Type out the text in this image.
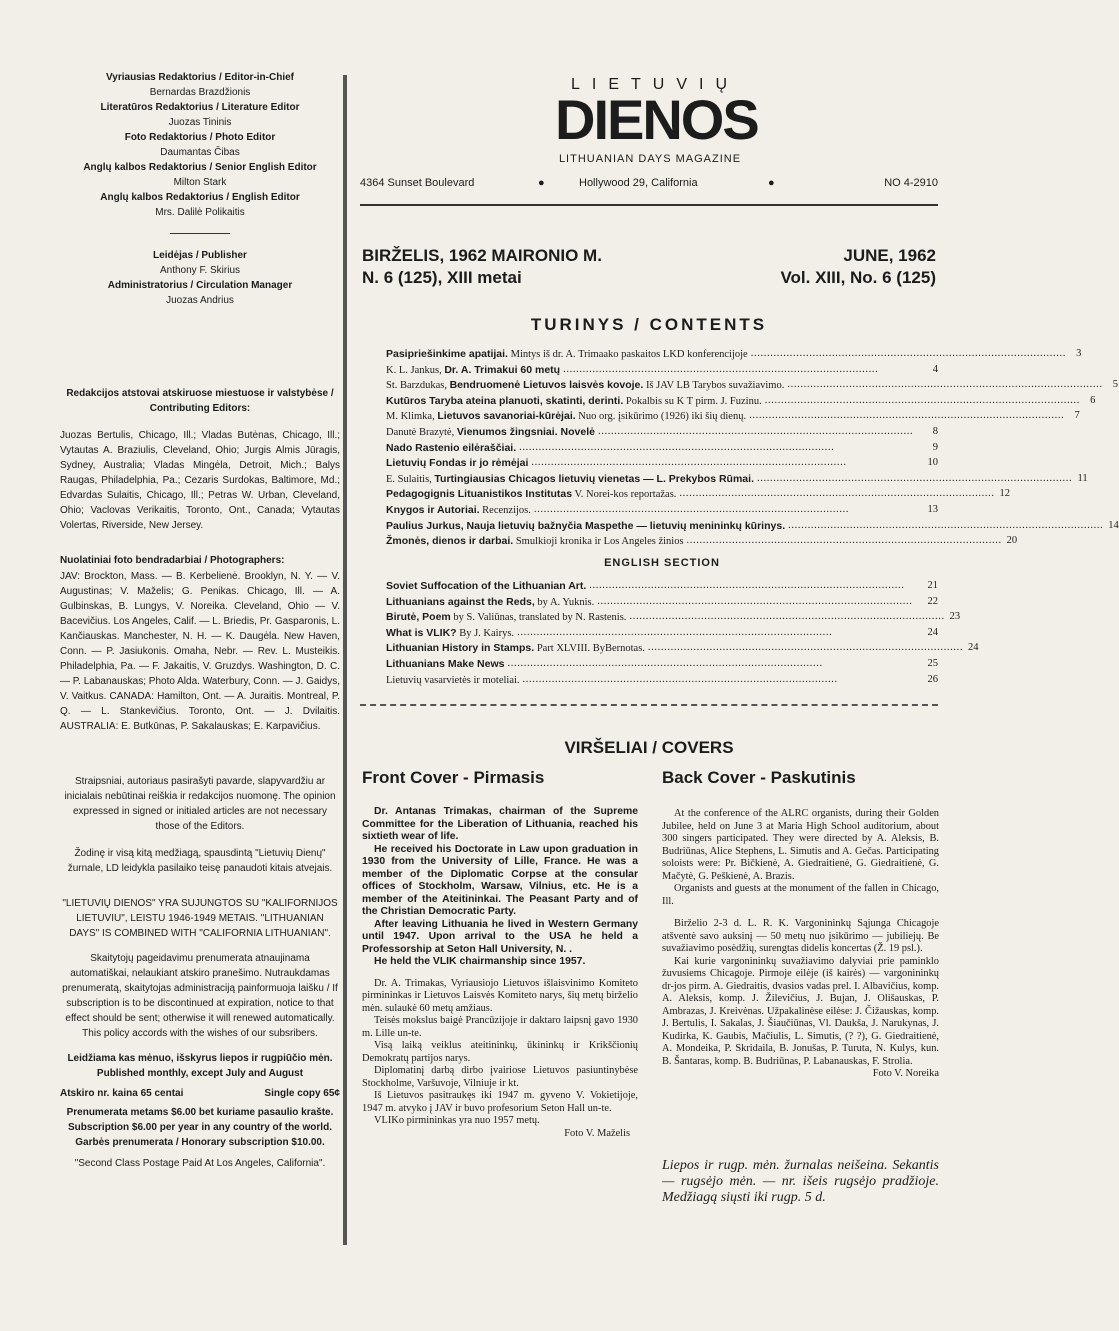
Vyriausias Redaktorius / Editor-in-Chief

Bernardas Brazdžionis

Literatūros Redaktorius / Literature Editor

Juozas Tininis

Foto Redaktorius / Photo Editor

Daumantas Čibas

Anglų kalbos Redaktorius / Senior English Editor

Milton Stark

Anglų kalbos Redaktorius / English Editor

Mrs. Dalilė Polikaitis

Leidėjas / Publisher

Anthony F. Skirius

Administratorius / Circulation Manager

Juozas Andrius

Redakcijos atstovai atskiruose miestuose ir valstybėse / Contributing Editors:

Juozas Bertulis, Chicago, Ill.; Vladas Butėnas, Chicago, Ill.; Vytautas A. Braziulis, Cleveland, Ohio; Jurgis Almis Jūragis, Sydney, Australia; Vladas Mingėla, Detroit, Mich.; Balys Raugas, Philadelphia, Pa.; Cezaris Surdokas, Baltimore, Md.; Edvardas Sulaitis, Chicago, Ill.; Petras W. Urban, Cleveland, Ohio; Vaclovas Verikaitis, Toronto, Ont., Canada; Vytautas Volertas, Riverside, New Jersey.

Nuolatiniai foto bendradarbiai / Photographers:

JAV: Brockton, Mass. — B. Kerbelienė. Brooklyn, N. Y. — V. Augustinas; V. Maželis; G. Penikas. Chicago, Ill. — A. Gulbinskas, B. Lungys, V. Noreika. Cleveland, Ohio — V. Bacevičius. Los Angeles, Calif. — L. Briedis, Pr. Gasparonis, L. Kančiauskas. Manchester, N. H. — K. Daugėla. New Haven, Conn. — P. Jasiukonis. Omaha, Nebr. — Rev. L. Musteikis. Philadelphia, Pa. — F. Jakaitis, V. Gruzdys. Washington, D. C. — P. Labanauskas; Photo Alda. Waterbury, Conn. — J. Gaidys, V. Vaitkus. CANADA: Hamilton, Ont. — A. Juraitis. Montreal, P. Q. — L. Stankevičius. Toronto, Ont. — J. Dvilaitis. AUSTRALIA: E. Butkūnas, P. Sakalauskas; E. Karpavičius.

Straipsniai, autoriaus pasirašyti pavarde, slapyvardžiu ar inicialais nebūtinai reiškia ir redakcijos nuomonę. The opinion expressed in signed or initialed articles are not necessary those of the Editors.

Žodinę ir visą kitą medžiagą, spausdintą "Lietuvių Dienų" žurnale, LD leidykla pasilaiko teisę panaudoti kitais atvejais.

"LIETUVIŲ DIENOS" YRA SUJUNGTOS SU "KALIFORNIJOS LIETUVIU", LEISTU 1946-1949 METAIS. "LITHUANIAN DAYS" IS COMBINED WITH "CALIFORNIA LITHUANIAN".

Skaitytojų pageidavimu prenumerata atnaujinama automatiškai, nelaukiant atskiro pranešimo. Nutraukdamas prenumeratą, skaitytojas administraciją painformuoja laišku / If subscription is to be discontinued at expiration, notice to that effect should be sent; otherwise it will renewed automatically. This policy accords with the wishes of our subsribers.

Leidžiama kas mėnuo, išskyrus liepos ir rugpiūčio mėn. Published monthly, except July and August

Atskiro nr. kaina 65 centai	Single copy 65¢

Prenumerata metams $6.00 bet kuriame pasaulio krašte. Subscription $6.00 per year in any country of the world. Garbės prenumerata / Honorary subscription $10.00.

"Second Class Postage Paid At Los Angeles, California".

LIETUVIŲ
DIENOS
LITHUANIAN DAYS MAGAZINE
4364 Sunset Boulevard	●	Hollywood 29, California	●	NO 4-2910
BIRŽELIS, 1962 MAIRONIO M.
N. 6 (125), XIII metai
JUNE, 1962
Vol. XIII, No. 6 (125)
TURINYS / CONTENTS
Pasipriešinkime apatijai. Mintys iš dr. A. Trimaako paskaitos LKD konferencijoje . . .	3
K. L. Jankus, Dr. A. Trimakui 60 metų . . .	4
St. Barzdukas, Bendruomenė Lietuvos laisvės kovoje. Iš JAV LB Tarybos suvažiavimo. . . .	5
Kutūros Taryba ateina planuoti, skatinti, derinti. Pokalbis su K T pirm. J. Fuzinu. . . .	6
M. Klimka, Lietuvos savanoriai-kūrėjai. Nuo org. įsikūrimo (1926) iki šių dienų. . . .	7
Danutė Brazytė, Vienumos žingsniai. Novelė . . .	8
Nado Rastenio eilėraščiai. . . .	9
Lietuvių Fondas ir jo rėmėjai . . .	10
E. Sulaitis, Turtingiausias Chicagos lietuvių vienetas — L. Prekybos Rūmai. . . .	11
Pedagogignis Lituanistikos Institutas V. Norei-kos reportažas. . . .	12
Knygos ir Autoriai. Recenzijos. . . .	13
Paulius Jurkus, Nauja lietuvių bažnyčia Maspethe — lietuvių menininkų kūrinys. . . .	14
Žmonės, dienos ir darbai. Smulkioji kronika ir Los Angeles žinios . . .	20
ENGLISH SECTION
Soviet Suffocation of the Lithuanian Art. . . .	21
Lithuanians against the Reds, by A. Yuknis. . . .	22
Birutė, Poem by S. Valiūnas, translated by N. Rastenis. . . .	23
What is VLIK? By J. Kairys. . . .	24
Lithuanian History in Stamps. Part XLVIII. ByBernotas. . . .	24
Lithuanians Make News . . .	25
Lietuvių vasarvietės ir moteliai. . . .	26
VIRŠELIAI / COVERS
Front Cover - Pirmasis	Back Cover - Paskutinis

Dr. Antanas Trimakas, chairman of the Supreme Committee for the Liberation of Lithuania, reached his sixtieth wear of life.

He received his Doctorate in Law upon graduation in 1930 from the University of Lille, France. He was a member of the Diplomatic Corpse at the consular offices of Stockholm, Warsaw, Vilnius, etc. He is a member of the Ateitininkai. The Peasant Party and of the Christian Democratic Party.

After leaving Lithuania he lived in Western Germany until 1947. Upon arrival to the USA he held a Professorship at Seton Hall University, N. .

He held the VLIK chairmanship since 1957.

Dr. A. Trimakas, Vyriausiojo Lietuvos išlaisvinimo Komiteto pirmininkas ir Lietuvos Laisvės Komiteto narys, šių metų birželio mėn. sulaukė 60 metų amžiaus.

Teisės mokslus baigė Prancūzijoje ir daktaro laipsnį gavo 1930 m. Lille un-te.

Visą laiką veiklus ateitininkų, ūkininkų ir Krikščionių Demokratų partijos narys.

Diplomatinį darbą dirbo įvairiose Lietuvos pasiuntinybėse Stockholme, Varšuvoje, Vilniuje ir kt.

Iš Lietuvos pasitraukęs iki 1947 m. gyveno V. Vokietijoje, 1947 m. atvyko į JAV ir buvo profesorium Seton Hall un-te.

VLIKo pirmininkas yra nuo 1957 metų.

Foto V. Maželis

At the conference of the ALRC organists, during their Golden Jubilee, held on June 3 at Maria High School auditorium, about 300 singers participated. They were directed by A. Aleksis, B. Budriūnas, Alice Stephens, L. Simutis and A. Gečas. Participating soloists were: Pr. Bičkienė, A. Giedraitienė, G. Giedraitienė, G. Mačytė, G. Peškienė, A. Brazis.

Organists and guests at the monument of the fallen in Chicago, Ill.

Birželio 2-3 d. L. R. K. Vargonininkų Sąjunga Chicagoje atšventė savo auksinį — 50 metų nuo įsikūrimo — jubiliejų. Be suvažiavimo posėdžių, surengtas didelis koncertas (Ž. 19 psl.).

Kai kurie vargonininkų suvažiavimo dalyviai prie paminklo žuvusiems Chicagoje. Pirmoje eilėje (iš kairės) — vargonininkų dr-jos pirm. A. Giedraitis, dvasios vadas prel. I. Albavičius, komp. A. Aleksis, komp. J. Žilevičius, J. Bujan, J. Olišauskas, P. Ambrazas, J. Kreivėnas. Užpakalinėse eilėse: J. Čižauskas, komp. J. Bertulis, I. Sakalas, J. Šiaučiūnas, Vl. Daukša, J. Narukynas, J. Kudirka, K. Gaubis, Mačiulis, L. Simutis, (? ?), G. Giedraitienė, A. Mondeika, P. Skridaila, B. Jonušas, P. Turuta, N. Kulys, kun. B. Šantaras, komp. B. Budriūnas, P. Labanauskas, F. Strolia.

Foto V. Noreika

Liepos ir rugp. mėn. žurnalas neišeina. Sekantis — rugsėjo mėn. — nr. išeis rugsėjo pradžioje. Medžiagą siųsti iki rugp. 5 d.
